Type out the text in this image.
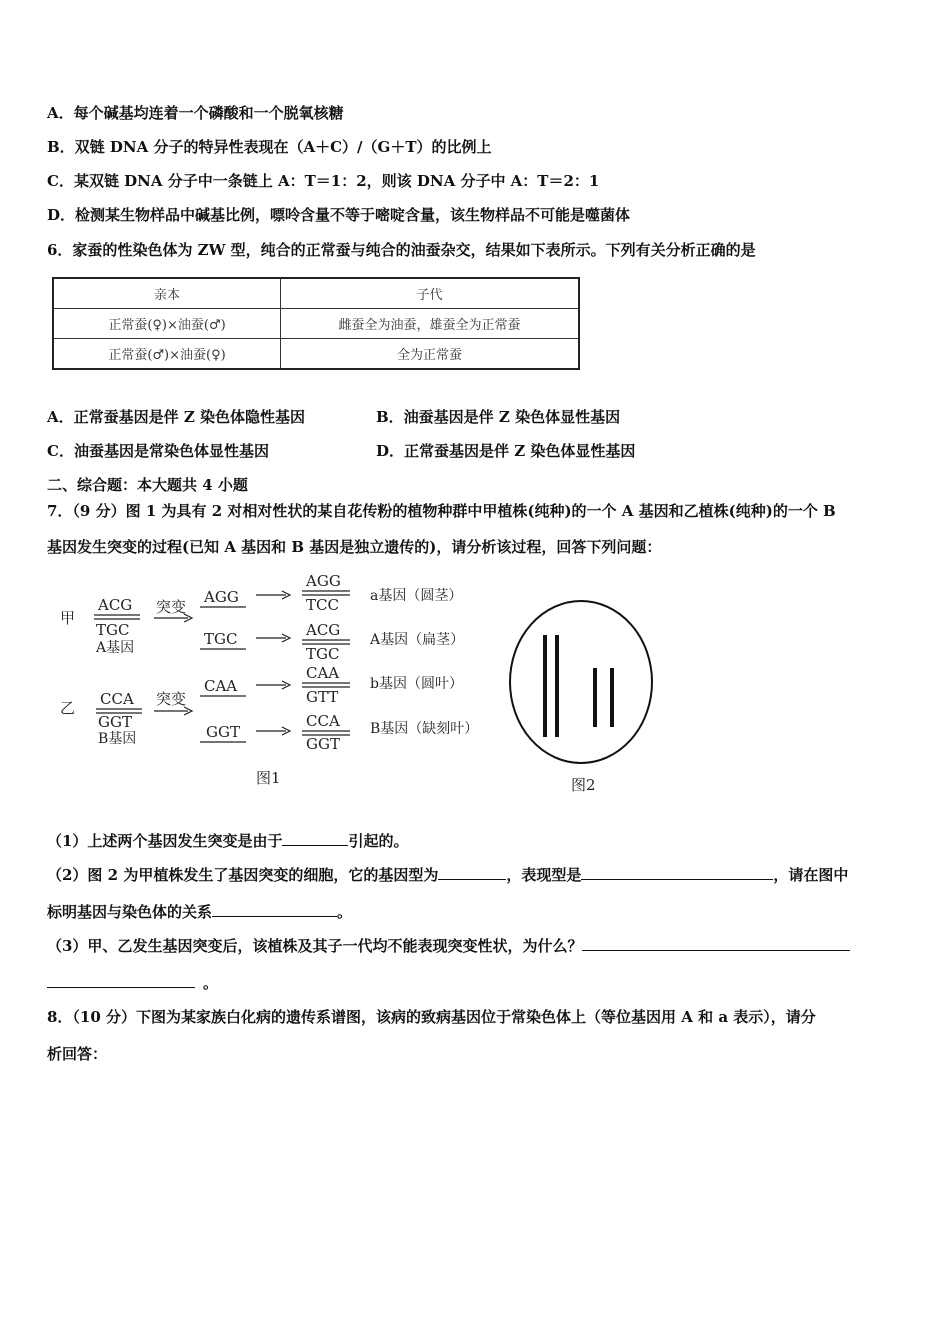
A．每个碱基均连着一个磷酸和一个脱氧核糖
B．双链 DNA 分子的特异性表现在（A＋C）/（G＋T）的比例上
C．某双链 DNA 分子中一条链上 A：T＝1：2，则该 DNA 分子中 A：T＝2：1
D．检测某生物样品中碱基比例，嘌呤含量不等于嘧啶含量，该生物样品不可能是噬菌体
6．家蚕的性染色体为 ZW 型，纯合的正常蚕与纯合的油蚕杂交，结果如下表所示。下列有关分析正确的是
亲本	子代
正常蚕(♀)×油蚕(♂)	雌蚕全为油蚕，雄蚕全为正常蚕
正常蚕(♂)×油蚕(♀)	全为正常蚕
A．正常蚕基因是伴 Z 染色体隐性基因	B．油蚕基因是伴 Z 染色体显性基因
C．油蚕基因是常染色体显性基因	D．正常蚕基因是伴 Z 染色体显性基因
二、综合题：本大题共 4 小题
7．（9 分）图 1 为具有 2 对相对性状的某自花传粉的植物种群中甲植株(纯种)的一个 A 基因和乙植株(纯种)的一个 B
基因发生突变的过程(已知 A 基因和 B 基因是独立遗传的)，请分析该过程，回答下列问题：
甲
乙
ACG
TGC
A基因
突变
AGG
TGC
AGG
TCC a基因（圆茎）
ACG
TGC
A基因（扁茎）
CCA
GGT
B基因
突变
CAA
GGT
CAA
GTT
b基因（圆叶）
CCA
GGT
B基因（缺刻叶）
图1	图2
（1）上述两个基因发生突变是由于	引起的。
（2）图 2 为甲植株发生了基因突变的细胞，它的基因型为	，表现型是	，请在图中
标明基因与染色体的关系	。
（3）甲、乙发生基因突变后，该植株及其子一代均不能表现突变性状，为什么？
。
8．（10 分）下图为某家族白化病的遗传系谱图，该病的致病基因位于常染色体上（等位基因用 A 和 a 表示），请分
析回答：
